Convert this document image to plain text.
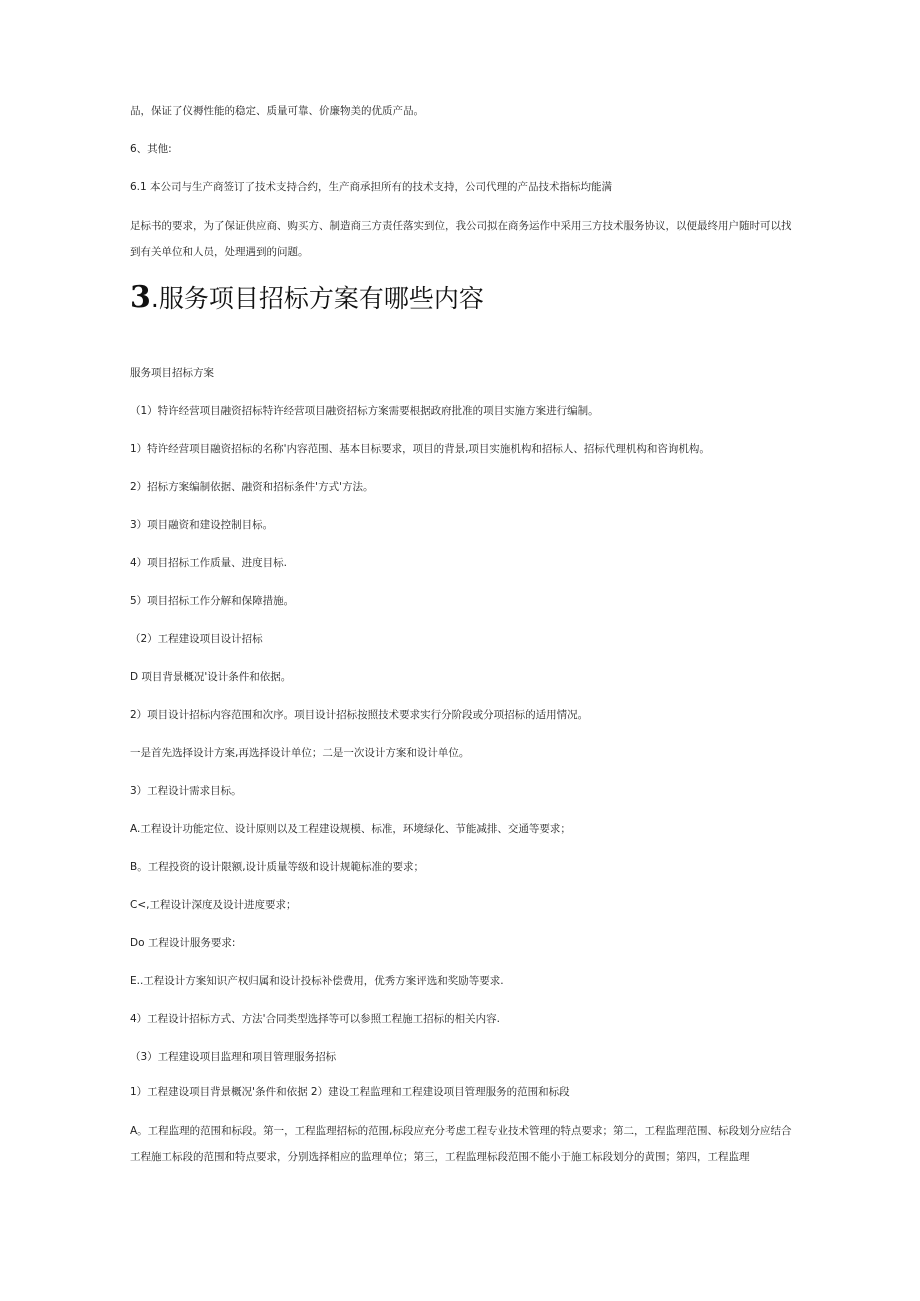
品，保证了仪褥性能的稳定、质量可靠、价廉物美的优质产品。
6、其他:
6.1 本公司与生产商签订了技术支持合约，生产商承担所有的技术支持，公司代理的产品技术指标均能满
足标书的要求，为了保证供应商、购买方、制造商三方责任落实到位，我公司拟在商务运作中采用三方技术服务协议，以便最终用户随时可以找到有关单位和人员，处理遇到的问题。
3.服务项目招标方案有哪些内容
服务项目招标方案
（1）特许经营项目融资招标特许经营项目融资招标方案需要根据政府批准的项目实施方案进行编制。
1）特许经营项目融资招标的名称'内容范围、基本目标要求，项目的背景,项目实施机构和招标人、招标代理机构和咨询机构。
2）招标方案编制依据、融资和招标条件'方式'方法。
3）项目融资和建设控制目标。
4）项目招标工作质量、进度目标.
5）项目招标工作分解和保障措施。
（2）工程建设项目设计招标
D 项目背景概况'设计条件和依据。
2）项目设计招标内容范围和次序。项目设计招标按照技术要求实行分阶段或分项招标的适用情况。
一是首先选择设计方案,再选择设计单位；二是一次设计方案和设计单位。
3）工程设计需求目标。
A.工程设计功能定位、设计原则以及工程建设规模、标准，环境绿化、节能减排、交通等要求；
B。工程投资的设计限额,设计质量等级和设计规範标准的要求；
C<,工程设计深度及设计进度要求；
Do 工程设计服务要求:
E..工程设计方案知识产权归属和设计投标补偿费用，优秀方案评选和奖励等要求.
4）工程设计招标方式、方法'合同类型选择等可以参照工程施工招标的相关内容.
（3）工程建设项目监理和项目管理服务招标
1）工程建设项目背景概况'条件和依据 2）建设工程监理和工程建设项目管理服务的范围和标段
A。工程监理的范围和标段。第一，工程监理招标的范围,标段应充分考虑工程专业技术管理的特点要求；第二，工程监理范围、标段划分应结合工程施工标段的范围和特点要求，分别选择相应的监理单位；第三，工程监理标段范围不能小于施工标段划分的黄围；第四，工程监理
